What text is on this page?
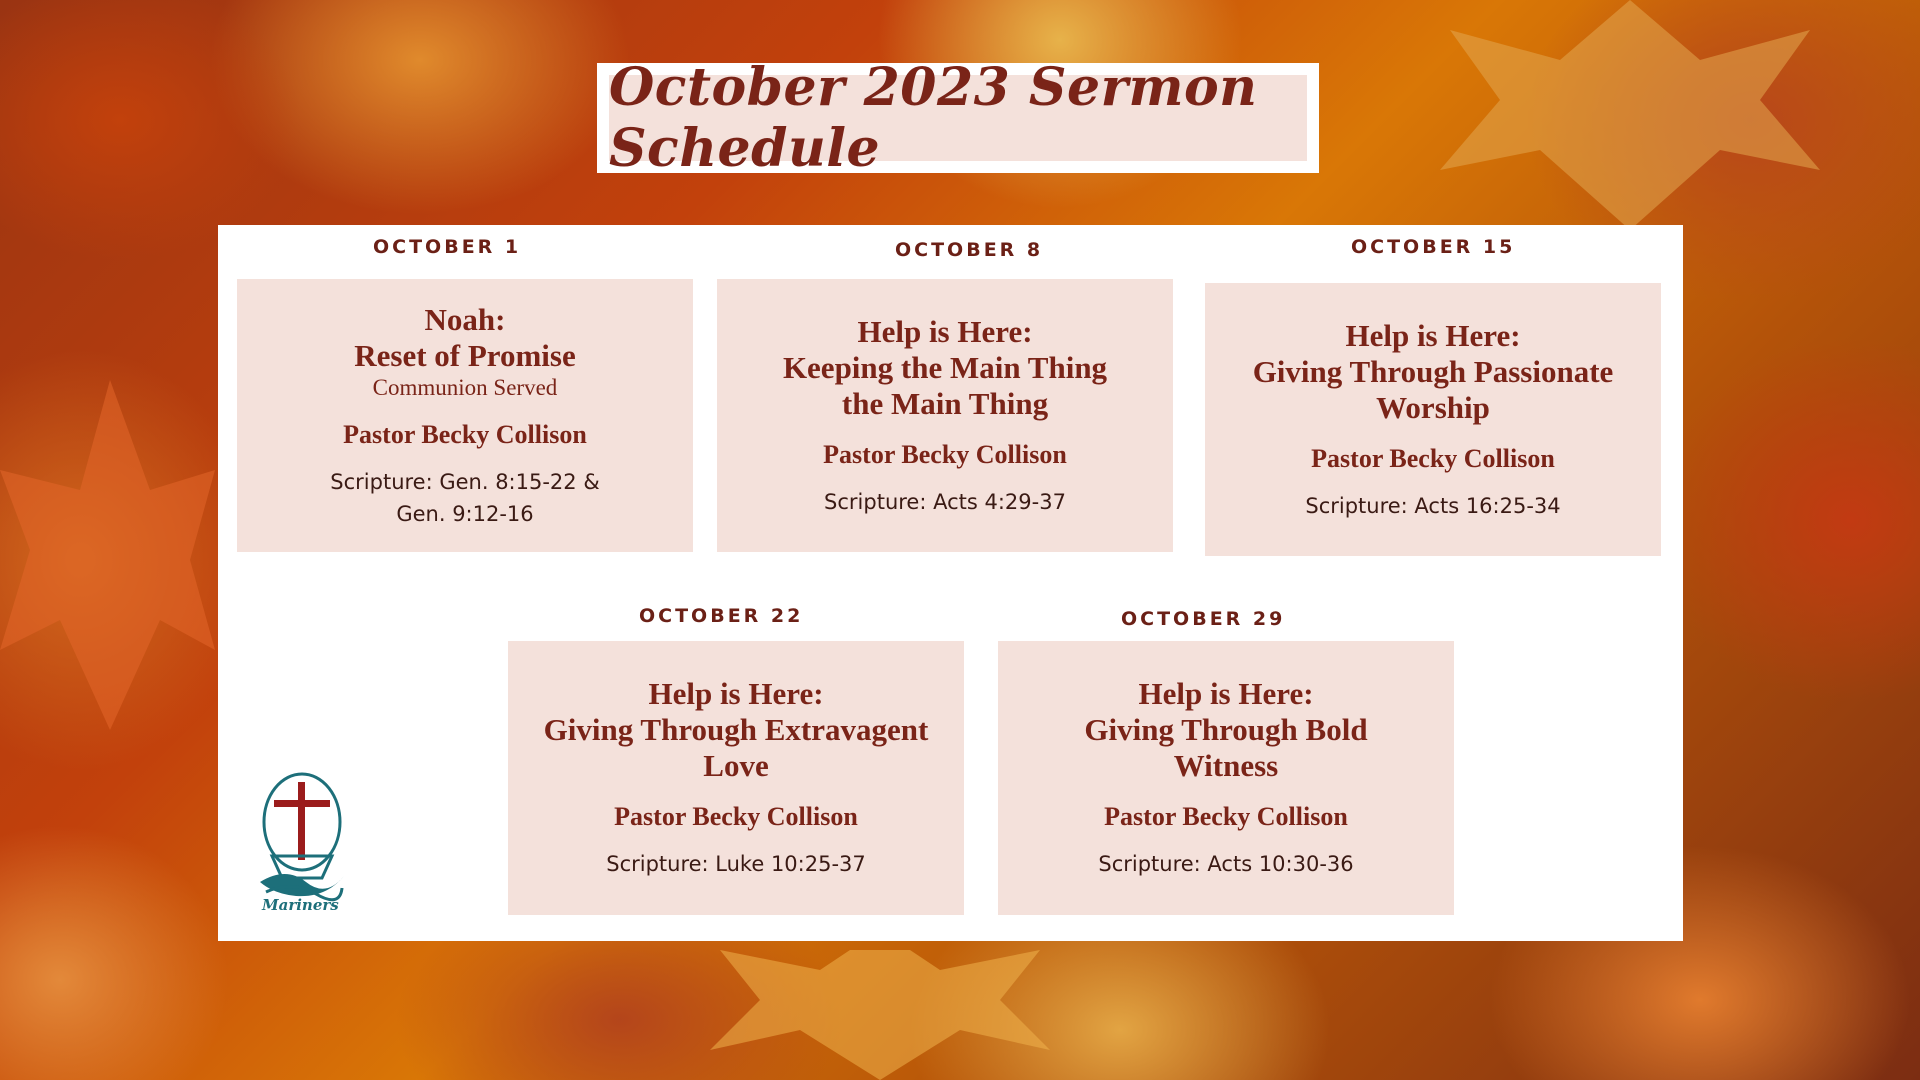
October 2023 Sermon Schedule
OCTOBER 1
Noah:
Reset of Promise
Communion Served
Pastor Becky Collison
Scripture: Gen. 8:15-22 &
Gen. 9:12-16
OCTOBER 8
Help is Here:
Keeping the Main Thing
the Main Thing
Pastor Becky Collison
Scripture: Acts 4:29-37
OCTOBER 15
Help is Here:
Giving Through Passionate
Worship
Pastor Becky Collison
Scripture: Acts 16:25-34
OCTOBER 22
Help is Here:
Giving Through Extravagent
Love
Pastor Becky Collison
Scripture: Luke 10:25-37
OCTOBER 29
Help is Here:
Giving Through Bold
Witness
Pastor Becky Collison
Scripture: Acts 10:30-36
Mariners
